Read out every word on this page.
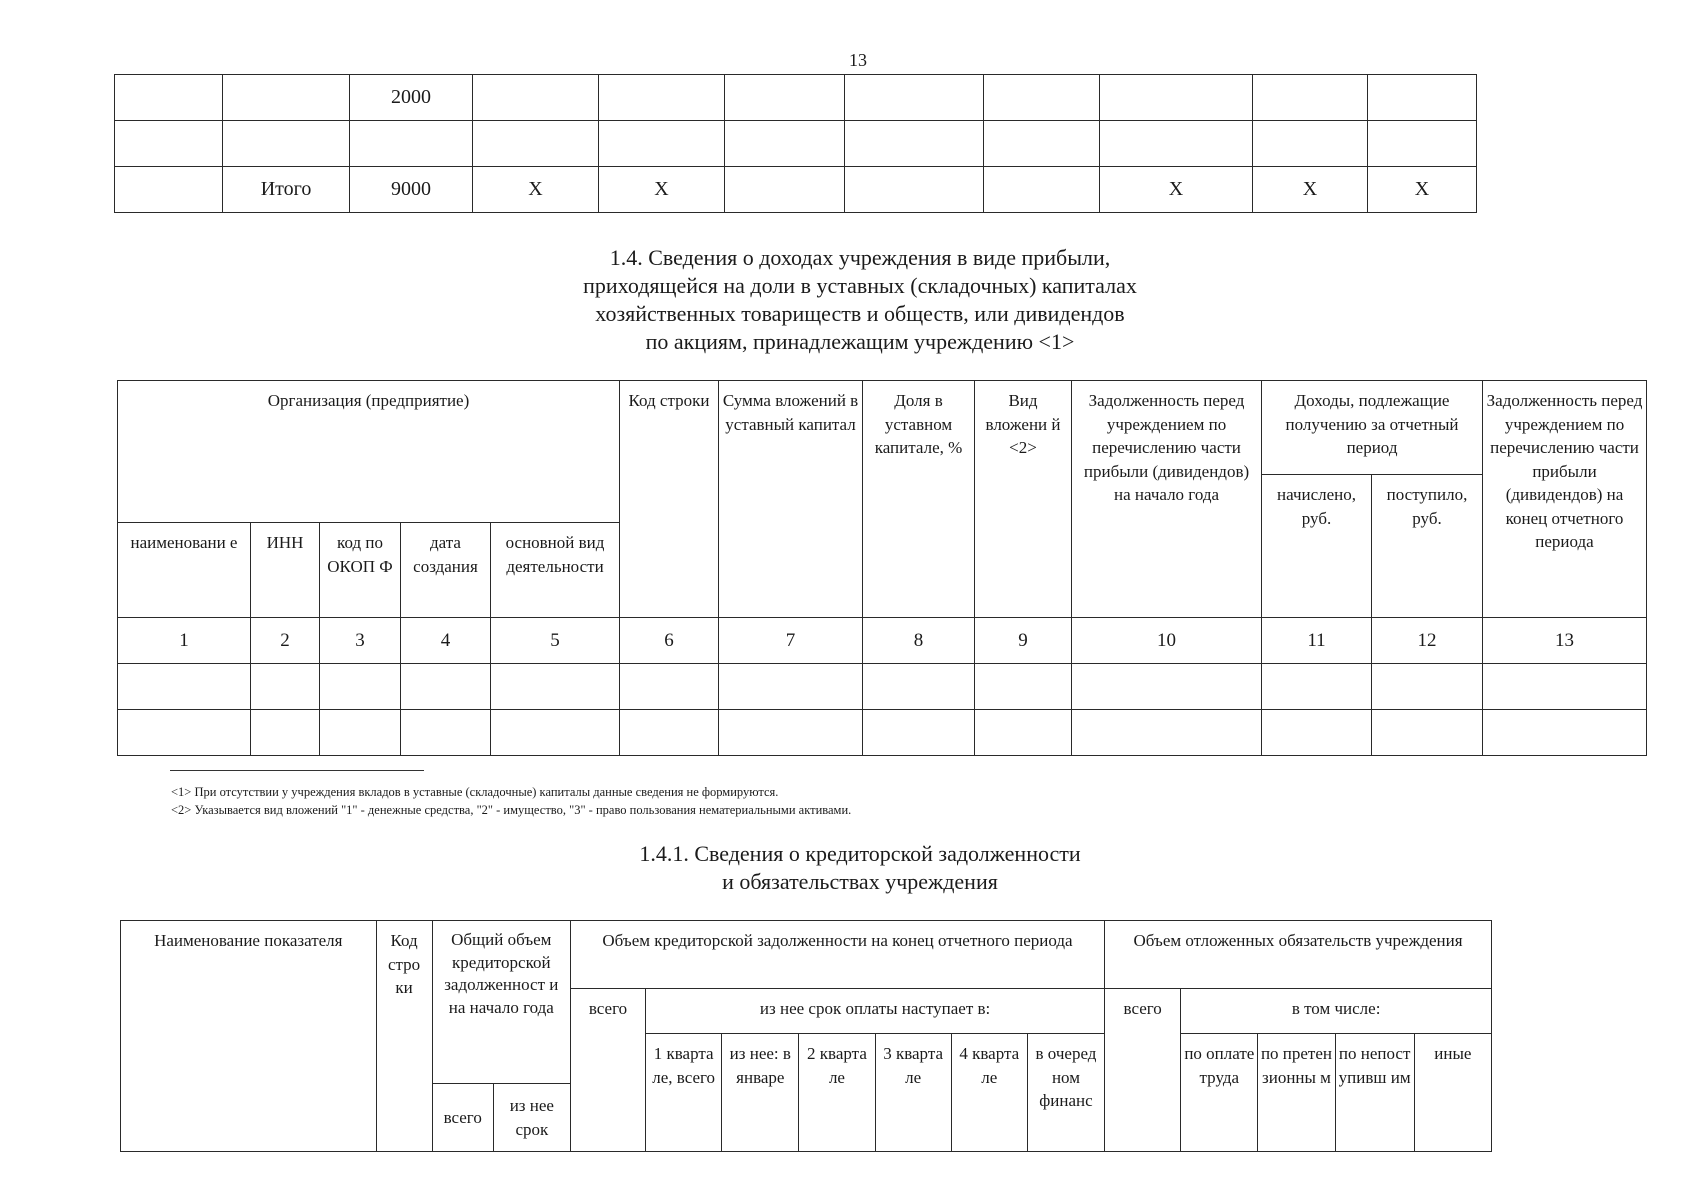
13
		2000								

	Итого	9000	X	X				X	X	X
1.4. Сведения о доходах учреждения в виде прибыли,
приходящейся на доли в уставных (складочных) капиталах
хозяйственных товариществ и обществ, или дивидендов
по акциям, принадлежащим учреждению <1>
Организация (предприятие)					Код строки	Сумма вложений в уставный капитал	Доля в уставном капитале, %	Вид вложени й <2>	Задолженность перед учреждением по перечислению части прибыли (дивидендов) на начало года	Доходы, подлежащие получению за отчетный период		Задолженность перед учреждением по перечислению части прибыли (дивидендов) на конец отчетного периода
										начислено, руб.	поступило, руб.	
наименовани е	ИНН	код по ОКОП Ф	дата создания	основной вид деятельности								
1	2	3	4	5	6	7	8	9	10	11	12	13

<1> При отсутствии у учреждения вкладов в уставные (складочные) капиталы данные сведения не формируются.
<2> Указывается вид вложений "1" - денежные средства, "2" - имущество, "3" - право пользования нематериальными активами.
1.4.1. Сведения о кредиторской задолженности
и обязательствах учреждения
Наименование показателя	Код стро ки	Общий объем кредиторской задолженност и на начало года		Объем кредиторской задолженности на конец отчетного периода							Объем отложенных обязательств учреждения				
				всего	из нее срок оплаты наступает в:						всего	в том числе:			
					1 кварта ле, всего	из нее: в январе	2 кварта ле	3 кварта ле	4 кварта ле	в очеред ном финанс		по оплате труда	по претен зионны м	по непост упивш им	иные
		всего	из нее срок												
